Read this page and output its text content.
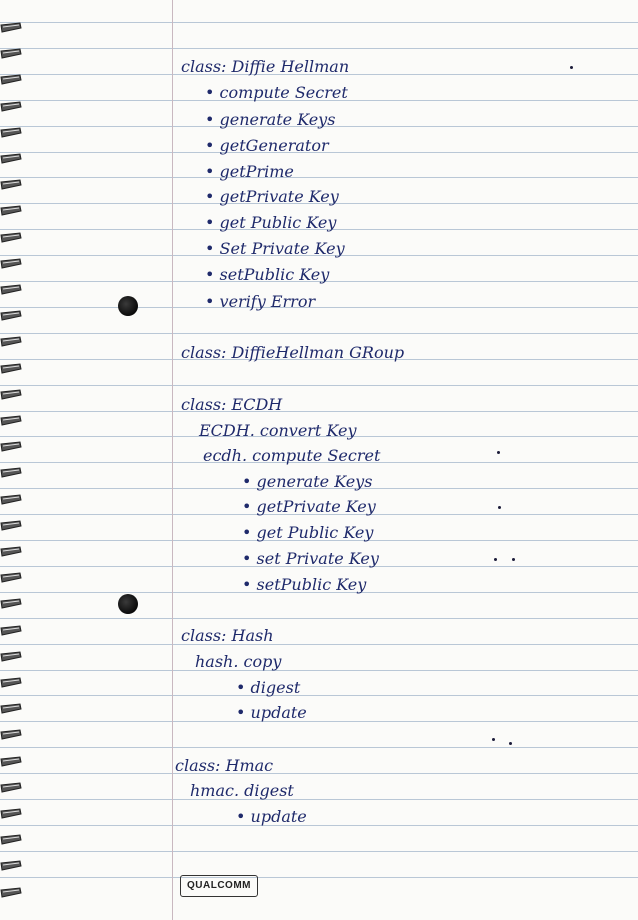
class: Diffie Hellman
• compute Secret
• generate Keys
• getGenerator
• getPrime
• getPrivate Key
• get Public Key
• Set Private Key
• setPublic Key
• verify Error
class: DiffieHellman GRoup
class: ECDH
ECDH. convert Key
ecdh. compute Secret
• generate Keys
• getPrivate Key
• get Public Key
• set Private Key
• setPublic Key
class: Hash
hash. copy
• digest
• update
class: Hmac
hmac. digest
• update
QUALCOMM
